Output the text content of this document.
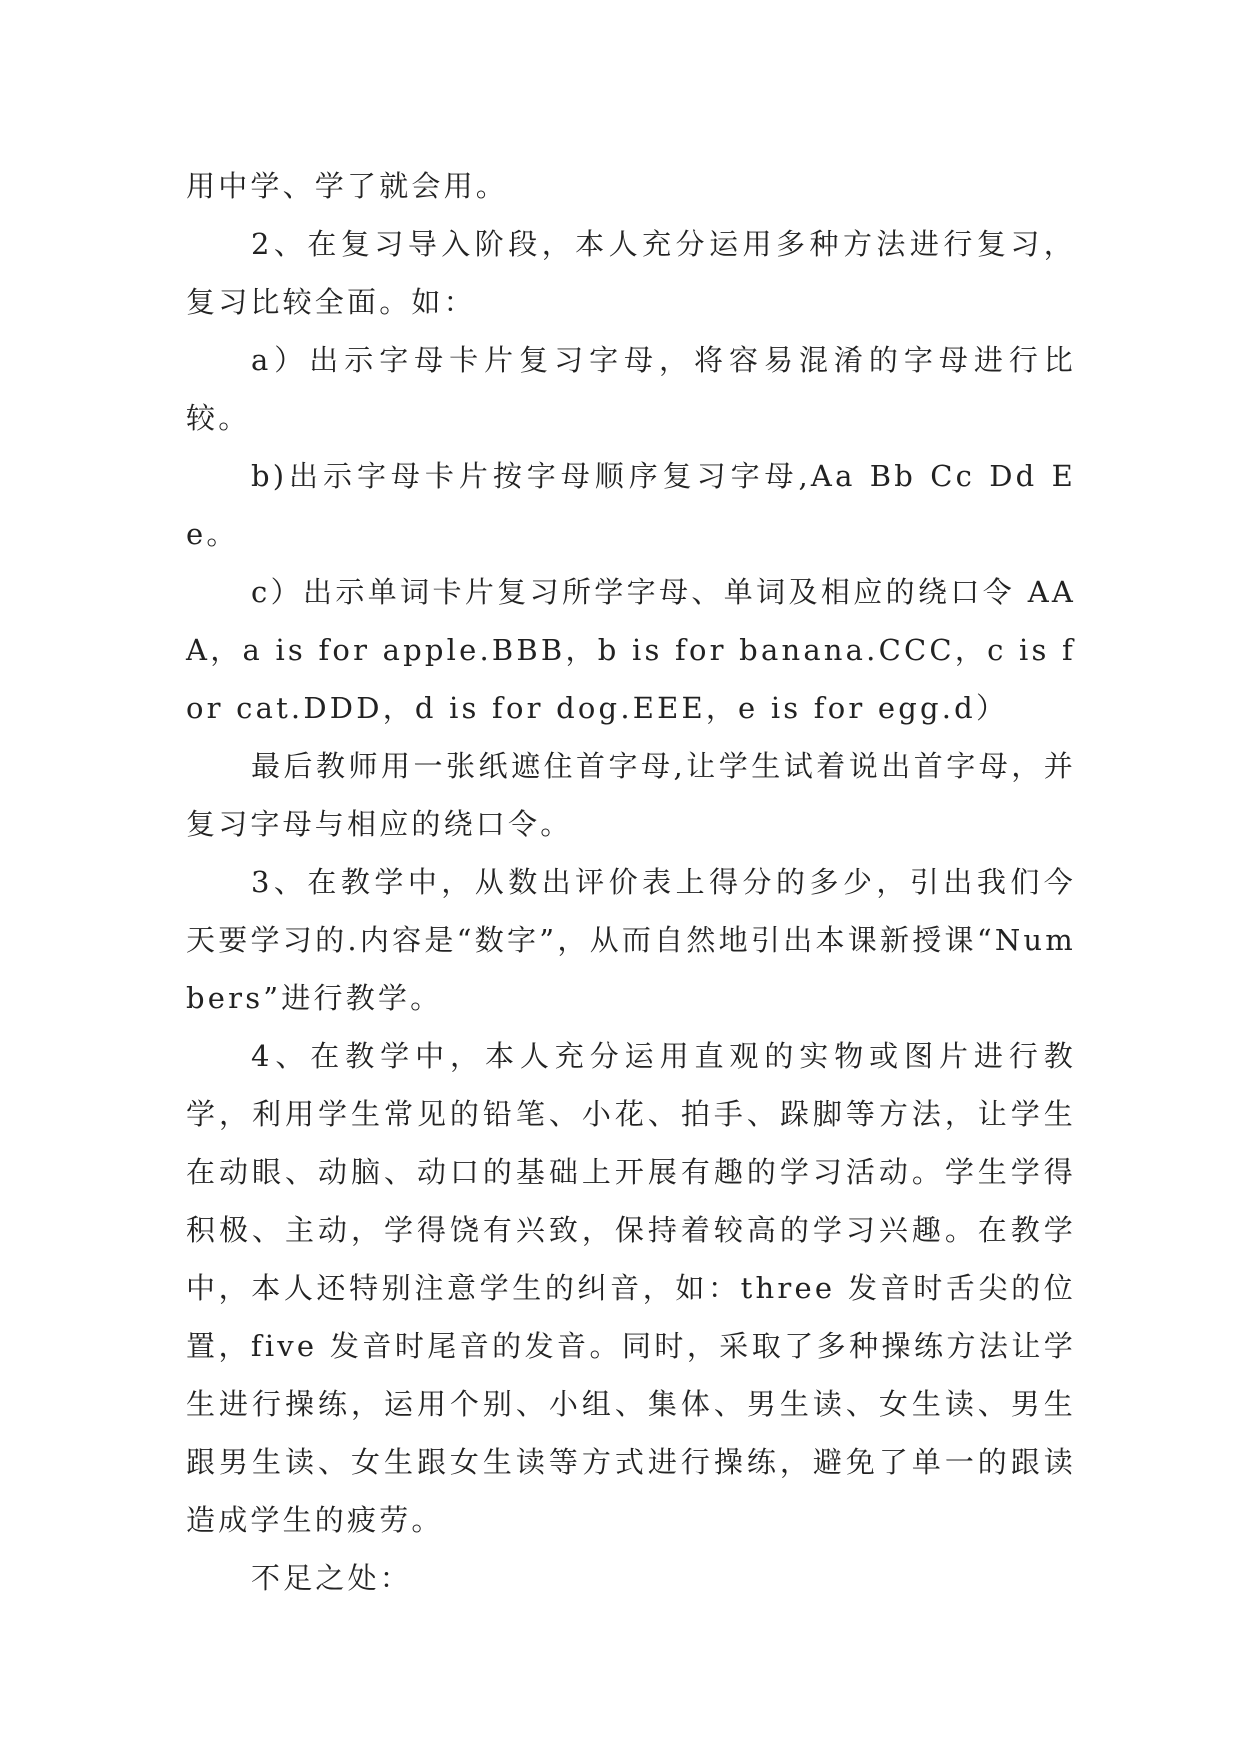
用中学、学了就会用。

2、在复习导入阶段，本人充分运用多种方法进行复习，复习比较全面。如：

a）出示字母卡片复习字母，将容易混淆的字母进行比较。

b)出示字母卡片按字母顺序复习字母,Aa Bb Cc Dd Ee。

c）出示单词卡片复习所学字母、单词及相应的绕口令 AAA，a is for apple.BBB，b is for banana.CCC，c is for cat.DDD，d is for dog.EEE，e is for egg.d）

最后教师用一张纸遮住首字母,让学生试着说出首字母，并复习字母与相应的绕口令。

3、在教学中，从数出评价表上得分的多少，引出我们今天要学习的.内容是“数字”，从而自然地引出本课新授课“Numbers”进行教学。

4、在教学中，本人充分运用直观的实物或图片进行教学，利用学生常见的铅笔、小花、拍手、跺脚等方法，让学生在动眼、动脑、动口的基础上开展有趣的学习活动。学生学得积极、主动，学得饶有兴致，保持着较高的学习兴趣。在教学中，本人还特别注意学生的纠音，如：three 发音时舌尖的位置，five 发音时尾音的发音。同时，采取了多种操练方法让学生进行操练，运用个别、小组、集体、男生读、女生读、男生跟男生读、女生跟女生读等方式进行操练，避免了单一的跟读造成学生的疲劳。

不足之处：
